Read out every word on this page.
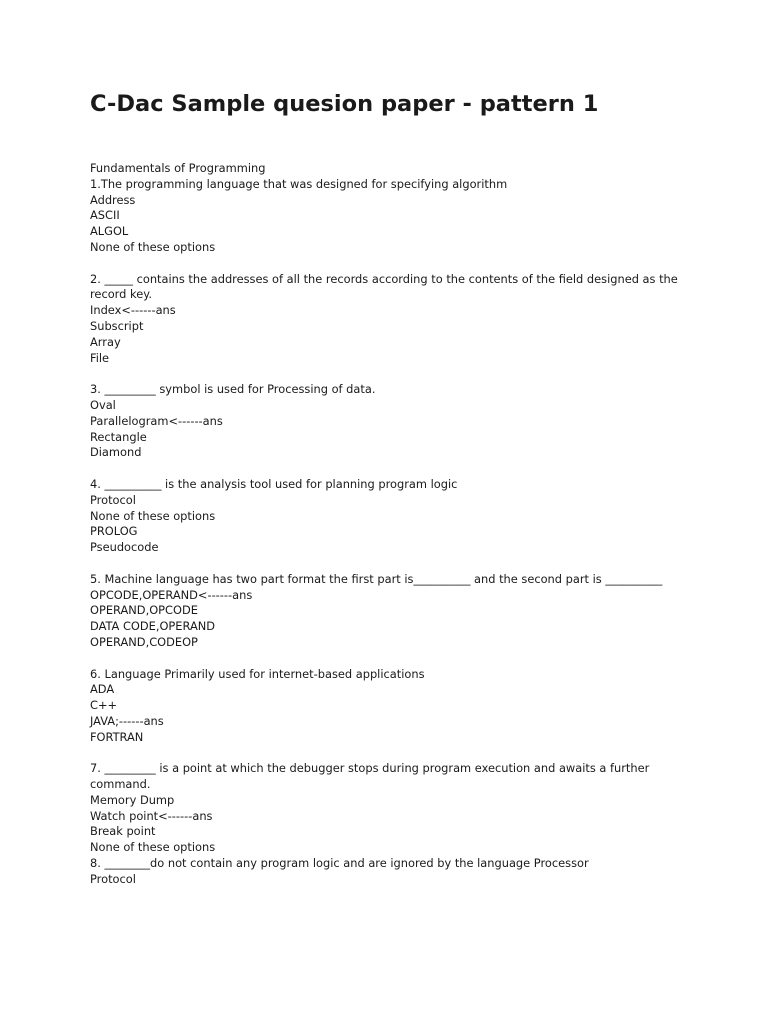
C-Dac Sample quesion paper - pattern 1
Fundamentals of Programming
1.The programming language that was designed for specifying algorithm
Address
ASCII
ALGOL
None of these options
2. _____ contains the addresses of all the records according to the contents of the field designed as the record key.
Index<------ans
Subscript
Array
File
3. _________ symbol is used for Processing of data.
Oval
Parallelogram<------ans
Rectangle
Diamond
4. __________ is the analysis tool used for planning program logic
Protocol
None of these options
PROLOG
Pseudocode
5. Machine language has two part format the first part is__________ and the second part is __________
OPCODE,OPERAND<------ans
OPERAND,OPCODE
DATA CODE,OPERAND
OPERAND,CODEOP
6. Language Primarily used for internet-based applications
ADA
C++
JAVA;------ans
FORTRAN
7. _________ is a point at which the debugger stops during program execution and awaits a further command.
Memory Dump
Watch point<------ans
Break point
None of these options
8. ________do not contain any program logic and are ignored by the language Processor
Protocol
